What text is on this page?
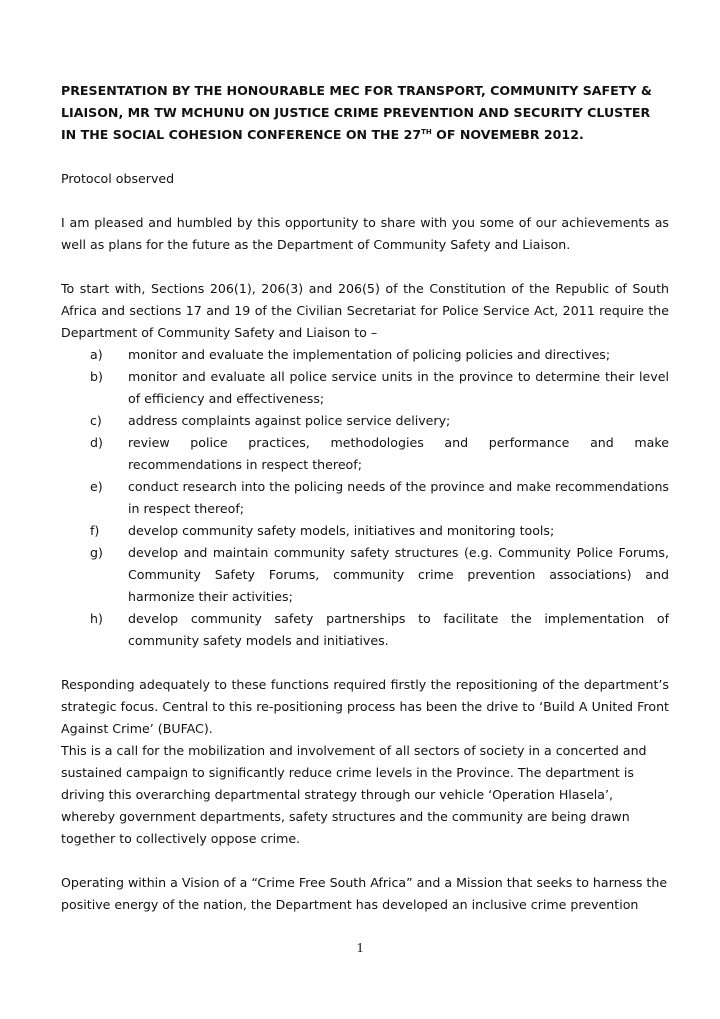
PRESENTATION BY THE HONOURABLE MEC FOR TRANSPORT, COMMUNITY SAFETY & LIAISON, MR TW MCHUNU ON JUSTICE CRIME PREVENTION AND SECURITY CLUSTER IN THE SOCIAL COHESION CONFERENCE ON THE 27TH OF NOVEMEBR 2012.

Protocol observed

I am pleased and humbled by this opportunity to share with you some of our achievements as well as plans for the future as the Department of Community Safety and Liaison.

To start with, Sections 206(1), 206(3) and 206(5) of the Constitution of the Republic of South Africa and sections 17 and 19 of the Civilian Secretariat for Police Service Act, 2011 require the Department of Community Safety and Liaison to –

a) monitor and evaluate the implementation of policing policies and directives;
b) monitor and evaluate all police service units in the province to determine their level of efficiency and effectiveness;
c) address complaints against police service delivery;
d) review police practices, methodologies and performance and make recommendations in respect thereof;
e) conduct research into the policing needs of the province and make recommendations in respect thereof;
f) develop community safety models, initiatives and monitoring tools;
g) develop and maintain community safety structures (e.g. Community Police Forums, Community Safety Forums, community crime prevention associations) and harmonize their activities;
h) develop community safety partnerships to facilitate the implementation of community safety models and initiatives.

Responding adequately to these functions required firstly the repositioning of the department’s strategic focus. Central to this re-positioning process has been the drive to ‘Build A United Front Against Crime’ (BUFAC).

This is a call for the mobilization and involvement of all sectors of society in a concerted and sustained campaign to significantly reduce crime levels in the Province. The department is driving this overarching departmental strategy through our vehicle ‘Operation Hlasela’, whereby government departments, safety structures and the community are being drawn together to collectively oppose crime.

Operating within a Vision of a “Crime Free South Africa” and a Mission that seeks to harness the positive energy of the nation, the Department has developed an inclusive crime prevention

1
